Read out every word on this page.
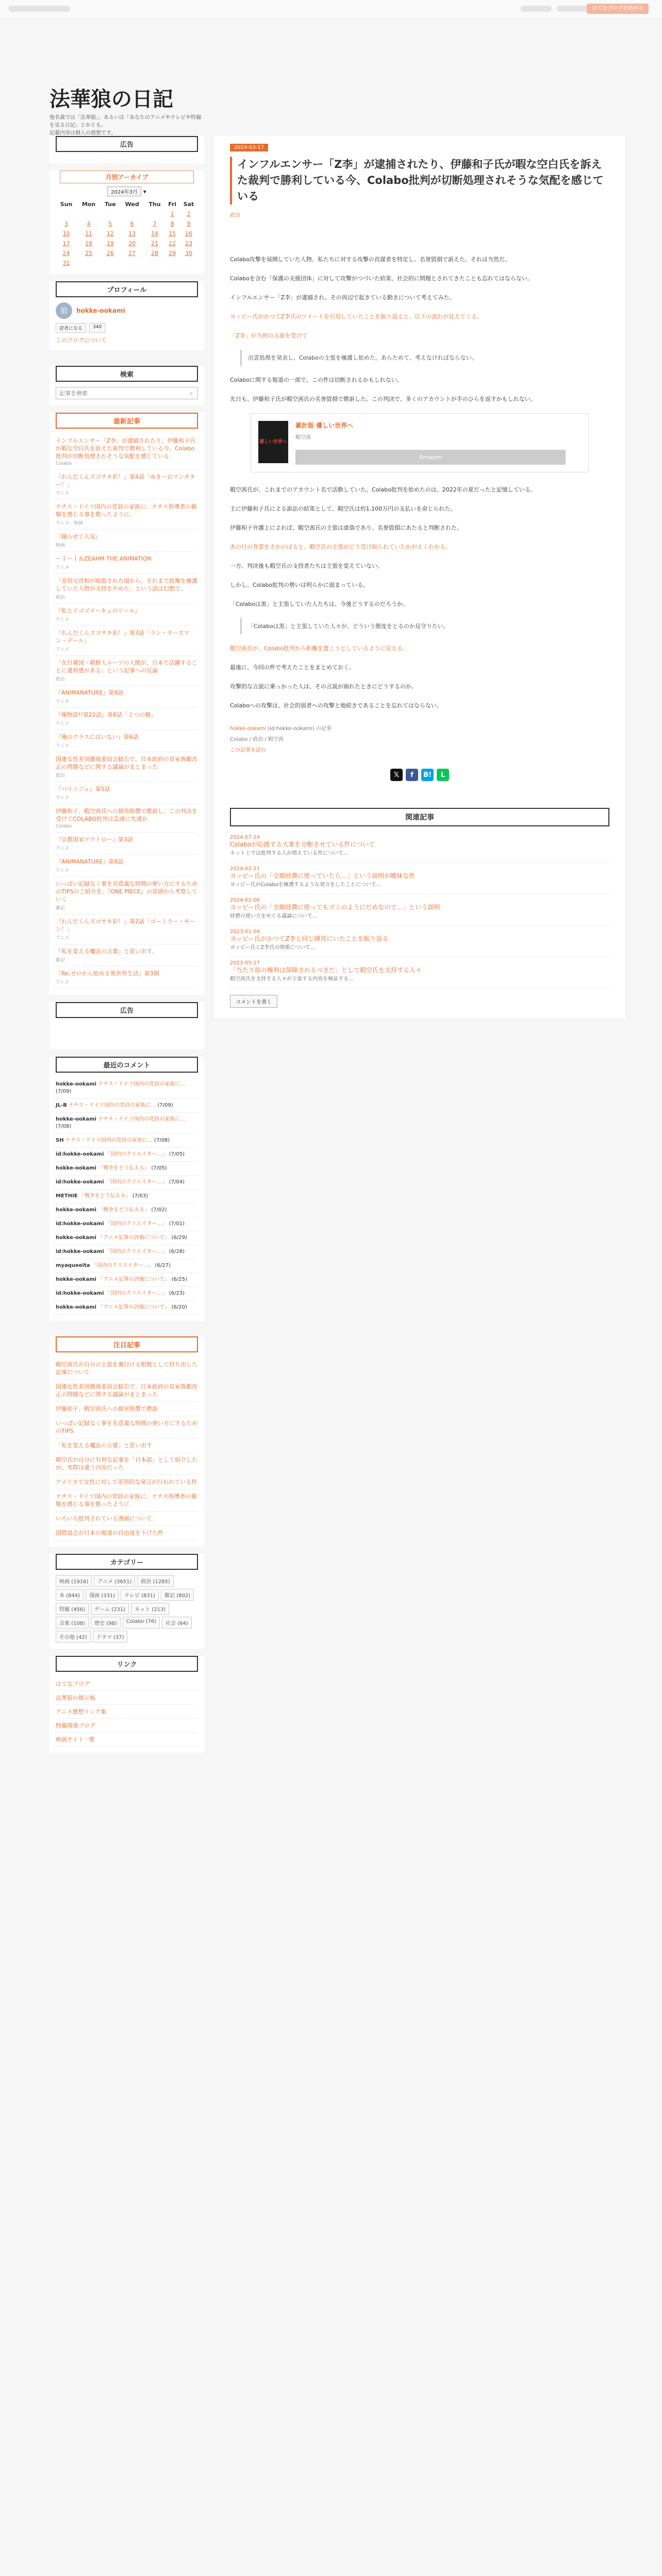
はてなブログを始める
法華狼の日記
他名義では「法華狼」、あるいは「あなたのアニメやテレビや特撮を見る日記」とかとも。
記載内容は個人の感想です。
広告
月別アーカイブ
2024年3月 ▾
Sun	Mon	Tue	Wed	Thu	Fri	Sat
					1	2
3	4	5	6	7	8	9
10	11	12	13	14	15	16
17	18	19	20	21	22	23
24	25	26	27	28	29	30
31						
プロフィール
狼	hokke-ookami
読者になる	340
このブログについて
検索
記事を検索
⌕
最新記事
インフルエンサー「Z李」が逮捕されたり、伊藤和子氏が暇な空白氏を訴えた裁判で勝利している今、Colabo批判が切断処理されそうな気配を感じている
Colabo
『れんだくんズゴサキ彩！』第4話「ゆきーおマンタター！」
アニメ
ナチス・ドイツ国内の党員の家族に、ナチス指導者の親類を感じる事を歌ったように、
アニメ、映画
『踊らせて人気』
映画
ー１ーＩ＆ZEAHM THE ANIMATION
アニメ
「安倍元首相が暗殺された頃から、それまで政権を擁護していた人物が支持をやめた」という話は幻想で、
政治
『私とドゴゴメーキュのリール』
アニメ
『れんだくんズゴサキ彩！』第3話「ラン・ネーズマン・デール」
アニメ
「在日韓国・朝鮮人ルーツの人間が、日本で活躍することに違和感がある」という記事への反論
政治
『ANIMANATURE』第9話
アニメ
『俺物語!!第22話』第8話「２つの顔」
アニメ
『俺のクラスにはいない』第6話
アニメ
国連女性差別撤廃委員会勧告で、日本政府の皇室典範改正の問題などに関する議論がまとまった
政治
『パリミジェ』第5話
アニメ
伊藤和子、暇空茜氏への損害賠償で勝訴し、この判決を受けてCOLABO批判は急速に失速か
Colabo
『宗教国家アウトロー』第3話
アニメ
『ANIMANATURE』第8話
アニメ
いっぱい記録なく事を有意義な時間の使い方にするためのTIPSのご紹介を、『ONE PIECE』の冒頭から考察していく
雑記
『れんだくんズゴサキ彩！』第2話「ゴーミラー・モーン！」
アニメ
『私を変える魔法の言葉』と思い出す。
雑記
『Re;ゼロから始める異世界生活』第3期
アニメ
広告
最近のコメント
hokke-ookami ナチス・ドイツ国内の党員の家族に… (7/09)
JL-B ナチス・ドイツ国内の党員の家族に… (7/09)
hokke-ookami ナチス・ドイツ国内の党員の家族に… (7/08)
SH ナチス・ドイツ国内の党員の家族に… (7/08)
id:hokke-ookami 「国内のクリエイター…」 (7/05)
hokke-ookami 「戦争をどう伝える」 (7/05)
id:hokke-ookami 「国内のクリエイター…」 (7/04)
METHIE 「戦争をどう伝える」 (7/03)
hokke-ookami 「戦争をどう伝える」 (7/02)
id:hokke-ookami 「国内のクリエイター…」 (7/01)
hokke-ookami 「アニメ記事の評価について」 (6/29)
id:hokke-ookami 「国内のクリエイター…」 (6/28)
myaqueeita 「国内のクリエイター…」 (6/27)
hokke-ookami 「アニメ記事の評価について」 (6/25)
id:hokke-ookami 「国内のクリエイター…」 (6/23)
hokke-ookami 「アニメ記事の評価について」 (6/20)
注目記事
暇空茜氏が自分の主張を裏付ける根拠として持ち出した記事について
国連女性差別撤廃委員会勧告で、日本政府の皇室典範改正の問題などに関する議論がまとまった
伊藤和子、暇空茜氏への損害賠償で勝訴
いっぱい記録なく事を有意義な時間の使い方にするためのTIPS
「私を変える魔法の言葉」と思い出す
暇空氏が自分に有利な記事を「日本語」として紹介したが、実際は違う内容だった
アメリカで女性に対して差別的な発言が行われている件
ナチス・ドイツ国内の党員の家族に、ナチス指導者の親類を感じる事を歌ったように
いろいろ批判されている漫画について
国際協会が日本の報道の自由度を下げた件
カテゴリー
映画 (1916)	アニメ (3651)	政治 (1285)
本 (844)	漫画 (331)	テレビ (831)	雑記 (802)
特撮 (456)	ゲーム (231)	ネット (213)
音楽 (108)	歴史 (98)	Colabo (76)	社会 (64)
その他 (42)	ドラマ (37)
リンク
はてなブログ
法華狼の掲示板
アニメ感想リンク集
特撮関係ブログ
映画サイト一覧
2024-03-17
インフルエンサー「Z李」が逮捕されたり、伊藤和子氏が暇な空白氏を訴えた裁判で勝利している今、Colabo批判が切断処理されそうな気配を感じている
政治

Colabo攻撃を展開していた人物、私たちに対する攻撃の首謀者を特定し、名誉毀損で訴えた。それは当然だ。

Colaboを含む「保護の支援団体」に対して攻撃がつづいた結果、社会的に問題とされてきたことも忘れてはならない。

インフルエンサー「Z李」が逮捕され、その周辺で起きている動きについて考えてみた。

ヨッピー氏がかつてZ李氏のツイートを引用していたことを振り返ると、以下の流れが見えてくる。

「Z李」が当初の言説を受けて

出雲処理を発表し、Colaboの主張を擁護し始めた。あらためて、考えなければならない。

Colaboに関する報道の一部で、この件は切断されるかもしれない。

先日も、伊藤和子氏が暇空茜氏の名誉毀損で勝訴した。この判決で、多くのアカウントが手のひらを返すかもしれない。

優しい世界へ
累計版 優しい世界へ
暇空茜
Amazon

暇空茜氏が、これまでのアカウント名で活動していた。Colabo批判を始めたのは、2022年の夏だったと記憶している。

主に伊藤和子氏による訴訟の結果として、暇空氏は約1,100万円の支払いを命じられた。

伊藤和子弁護士によれば、暇空茜氏の主張は虚偽であり、名誉毀損にあたると判断された。

あの日の背景をさかのぼると、暇空氏の主張がどう受け取られていたかがよくわかる。

一方、判決後も暇空氏の支持者たちは主張を変えていない。

しかし、Colabo批判の勢いは明らかに弱まっている。

「Colaboは黒」と主張していた人たちは、今後どうするのだろうか。

「Colaboは黒」と主張していた人々が、どういう態度をとるのか見守りたい。

暇空茜氏が、Colabo批判から距離を置こうとしているように見える。

最後に、今回の件で考えたことをまとめておく。

攻撃的な言説に乗っかった人は、その言説が崩れたときにどうするのか。

Colaboへの攻撃は、社会的弱者への攻撃と地続きであることを忘れてはならない。

hokke-ookami (id:hokke-ookami) の記事
Colabo / 政治 / 暇空茜
この記事を読む
𝕏	f	B!	L
関連記事
2024-07-24
Colaboが応援する大衆を分断させている件について
ネット上では批判する人が増えている件について…
2024-02-21
ヨッピー氏の「全額経費に使っていたら…」という説明が曖昧な件
ヨッピー氏がColaboを擁護するような発言をしたことについて…
2024-02-06
ヨッピー氏の「全額経費に使ってもゴミのようにだめなので…」という説明
経費の使い方をめぐる議論について…
2023-01-04
ヨッピー氏がかつてZ李と同じ陣営にいたことを振り返る
ヨッピー氏とZ李氏の関係について…
2023-05-27
「当たり前の権利は保障されるべきだ」として暇空氏を支持する人々
暇空茜氏を支持する人々が主張する内容を検証する…
コメントを書く
